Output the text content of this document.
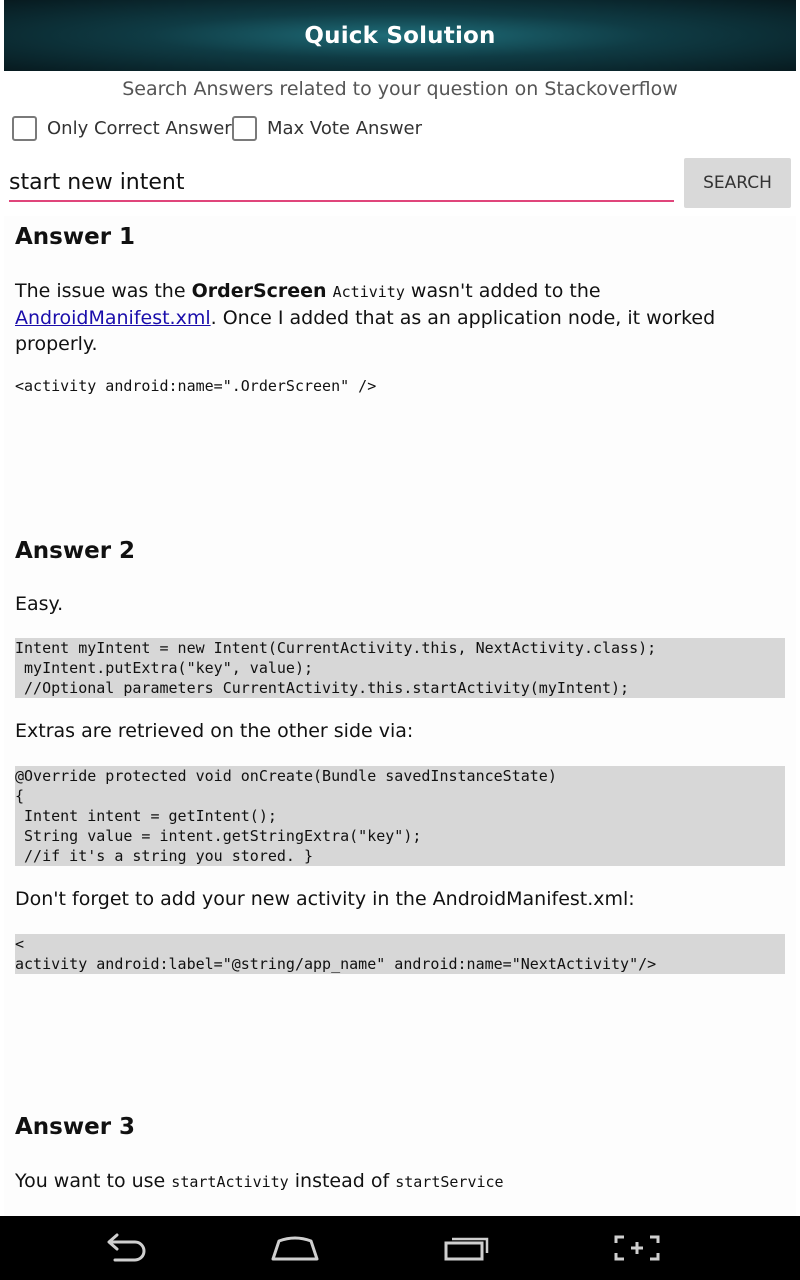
Quick Solution
Search Answers related to your question on Stackoverflow
Only Correct Answer Max Vote Answer
start new intent
SEARCH
Answer 1
The issue was the OrderScreen Activity wasn't added to the AndroidManifest.xml. Once I added that as an application node, it worked properly.
<activity android:name=".OrderScreen" />
Answer 2
Easy.
Intent myIntent = new Intent(CurrentActivity.this, NextActivity.class);
myIntent.putExtra("key", value);
//Optional parameters CurrentActivity.this.startActivity(myIntent);
Extras are retrieved on the other side via:
@Override protected void onCreate(Bundle savedInstanceState)
{
Intent intent = getIntent();
String value = intent.getStringExtra("key");
//if it's a string you stored. }
Don't forget to add your new activity in the AndroidManifest.xml:
<
activity android:label="@string/app_name" android:name="NextActivity"/>
Answer 3
You want to use startActivity instead of startService
